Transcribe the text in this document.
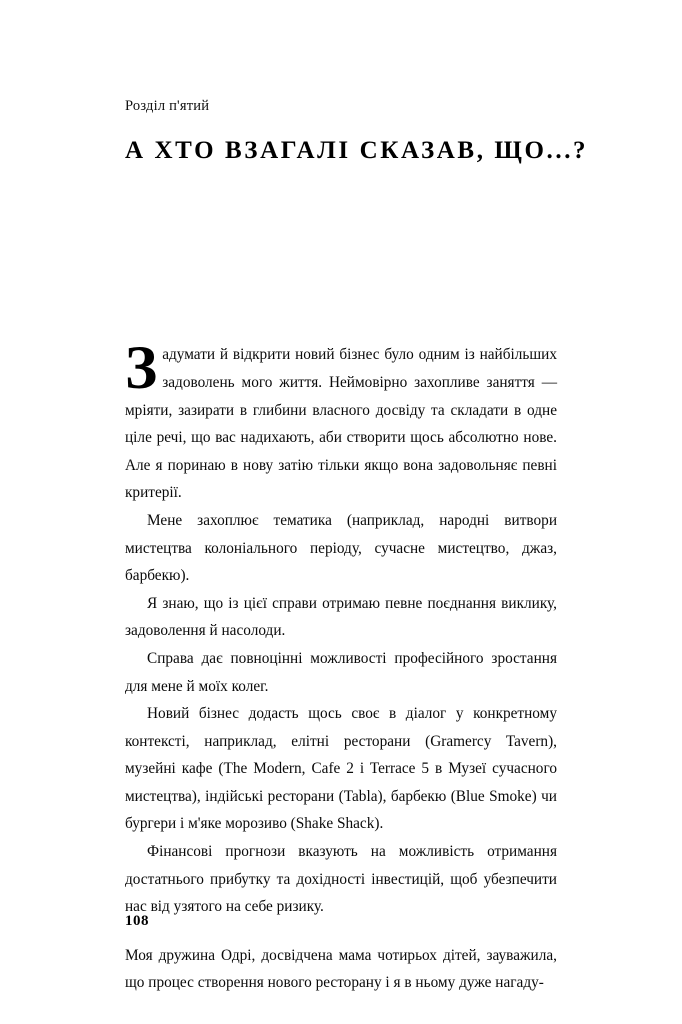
Розділ п'ятий
А ХТО ВЗАГАЛІ СКАЗАВ, ЩО...?
З адумати й відкрити новий бізнес було одним із найбільших задоволень мого життя. Неймовірно захопливе заняття — мріяти, зазирати в глибини власного досвіду та складати в одне ціле речі, що вас надихають, аби створити щось абсолютно нове. Але я поринаю в нову затію тільки якщо вона задовольняє певні критерії.

Мене захоплює тематика (наприклад, народні витвори мистецтва колоніального періоду, сучасне мистецтво, джаз, барбекю).

Я знаю, що із цієї справи отримаю певне поєднання виклику, задоволення й насолоди.

Справа дає повноцінні можливості професійного зростання для мене й моїх колег.

Новий бізнес додасть щось своє в діалог у конкретному контексті, наприклад, елітні ресторани (Gramercy Tavern), музейні кафе (The Modern, Cafe 2 i Terrace 5 в Музеї сучасного мистецтва), індійські ресторани (Tabla), барбекю (Blue Smoke) чи бургери і м'яке морозиво (Shake Shack).

Фінансові прогнози вказують на можливість отримання достатнього прибутку та дохідності інвестицій, щоб убезпечити нас від узятого на себе ризику.

Моя дружина Одрі, досвідчена мама чотирьох дітей, зауважила, що процес створення нового ресторану і я в ньому дуже нагаду-

108
